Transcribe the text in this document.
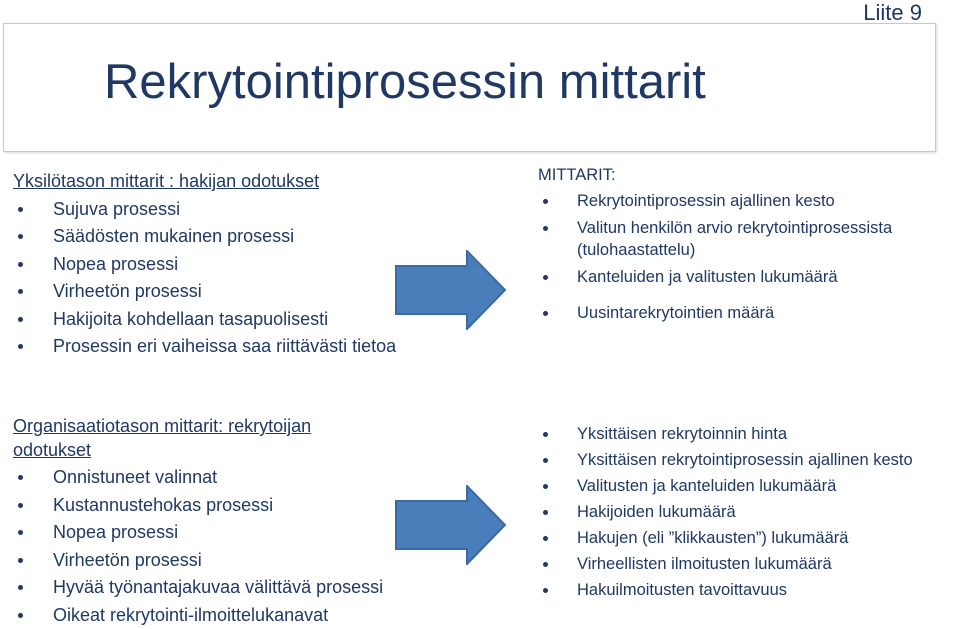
Liite 9
Rekrytointiprosessin mittarit
Yksilötason mittarit : hakijan odotukset
Sujuva prosessi
Säädösten mukainen prosessi
Nopea prosessi
Virheetön prosessi
Hakijoita kohdellaan tasapuolisesti
Prosessin eri vaiheissa saa riittävästi tietoa
MITTARIT:
Rekrytointiprosessin ajallinen kesto
Valitun henkilön arvio rekrytointiprosessista (tulohaastattelu)
Kanteluiden ja valitusten lukumäärä
Uusintarekrytointien määrä
Organisaatiotason mittarit: rekrytoijan odotukset
Onnistuneet valinnat
Kustannustehokas prosessi
Nopea prosessi
Virheetön prosessi
Hyvää työnantajakuvaa välittävä prosessi
Oikeat rekrytointi-ilmoittelukanavat
Yksittäisen rekrytoinnin hinta
Yksittäisen rekrytointiprosessin ajallinen kesto
Valitusten ja kanteluiden lukumäärä
Hakijoiden lukumäärä
Hakujen (eli ”klikkausten”) lukumäärä
Virheellisten ilmoitusten lukumäärä
Hakuilmoitusten tavoittavuus
